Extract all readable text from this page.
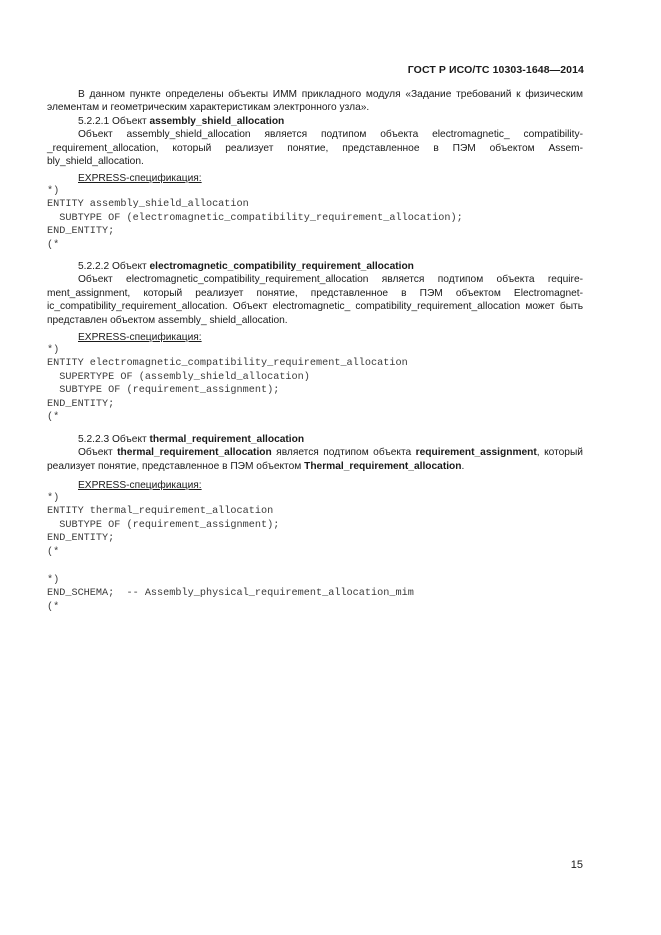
ГОСТ Р ИСО/ТС 10303-1648—2014

В данном пункте определены объекты ИММ прикладного модуля «Задание требований к физическим элементам и геометрическим характеристикам электронного узла».

5.2.2.1 Объект assembly_shield_allocation

Объект assembly_shield_allocation является подтипом объекта electromagnetic_ compatibility-_requirement_allocation, который реализует понятие, представленное в ПЭМ объектом Assem-bly_shield_allocation.

EXPRESS-спецификация:

*)
ENTITY assembly_shield_allocation
SUBTYPE OF (electromagnetic_compatibility_requirement_allocation);
END_ENTITY;
(*

5.2.2.2 Объект electromagnetic_compatibility_requirement_allocation

Объект electromagnetic_compatibility_requirement_allocation является подтипом объекта require-ment_assignment, который реализует понятие, представленное в ПЭМ объектом Electromagnet-ic_compatibility_requirement_allocation. Объект electromagnetic_ compatibility_requirement_allocation может быть представлен объектом assembly_ shield_allocation.

EXPRESS-спецификация:

*)
ENTITY electromagnetic_compatibility_requirement_allocation
SUPERTYPE OF (assembly_shield_allocation)
SUBTYPE OF (requirement_assignment);
END_ENTITY;
(*

5.2.2.3 Объект thermal_requirement_allocation

Объект thermal_requirement_allocation является подтипом объекта requirement_assignment, который реализует понятие, представленное в ПЭМ объектом Thermal_requirement_allocation.

EXPRESS-спецификация:

*)
ENTITY thermal_requirement_allocation
SUBTYPE OF (requirement_assignment);
END_ENTITY;
(*
*)
END_SCHEMA;  -- Assembly_physical_requirement_allocation_mim
(*
15
